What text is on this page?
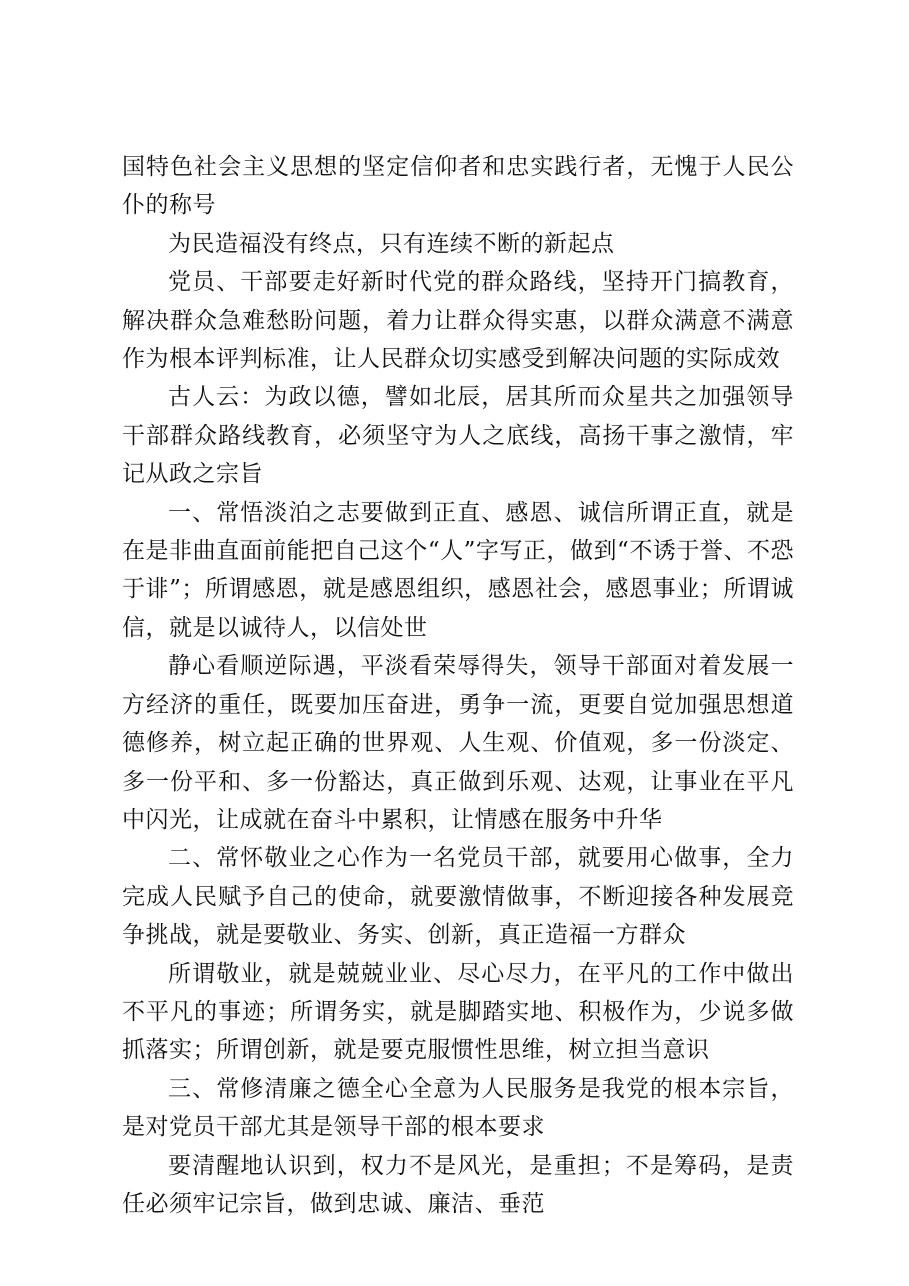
国特色社会主义思想的坚定信仰者和忠实践行者，无愧于人民公仆的称号

为民造福没有终点，只有连续不断的新起点

党员、干部要走好新时代党的群众路线，坚持开门搞教育，解决群众急难愁盼问题，着力让群众得实惠，以群众满意不满意作为根本评判标准，让人民群众切实感受到解决问题的实际成效

古人云：为政以德，譬如北辰，居其所而众星共之加强领导干部群众路线教育，必须坚守为人之底线，高扬干事之激情，牢记从政之宗旨

一、常悟淡泊之志要做到正直、感恩、诚信所谓正直，就是在是非曲直面前能把自己这个“人”字写正，做到“不诱于誉、不恐于诽”；所谓感恩，就是感恩组织，感恩社会，感恩事业；所谓诚信，就是以诚待人，以信处世

静心看顺逆际遇，平淡看荣辱得失，领导干部面对着发展一方经济的重任，既要加压奋进，勇争一流，更要自觉加强思想道德修养，树立起正确的世界观、人生观、价值观，多一份淡定、多一份平和、多一份豁达，真正做到乐观、达观，让事业在平凡中闪光，让成就在奋斗中累积，让情感在服务中升华

二、常怀敬业之心作为一名党员干部，就要用心做事，全力完成人民赋予自己的使命，就要激情做事，不断迎接各种发展竞争挑战，就是要敬业、务实、创新，真正造福一方群众

所谓敬业，就是兢兢业业、尽心尽力，在平凡的工作中做出不平凡的事迹；所谓务实，就是脚踏实地、积极作为，少说多做抓落实；所谓创新，就是要克服惯性思维，树立担当意识

三、常修清廉之德全心全意为人民服务是我党的根本宗旨，是对党员干部尤其是领导干部的根本要求

要清醒地认识到，权力不是风光，是重担；不是筹码，是责任必须牢记宗旨，做到忠诚、廉洁、垂范
